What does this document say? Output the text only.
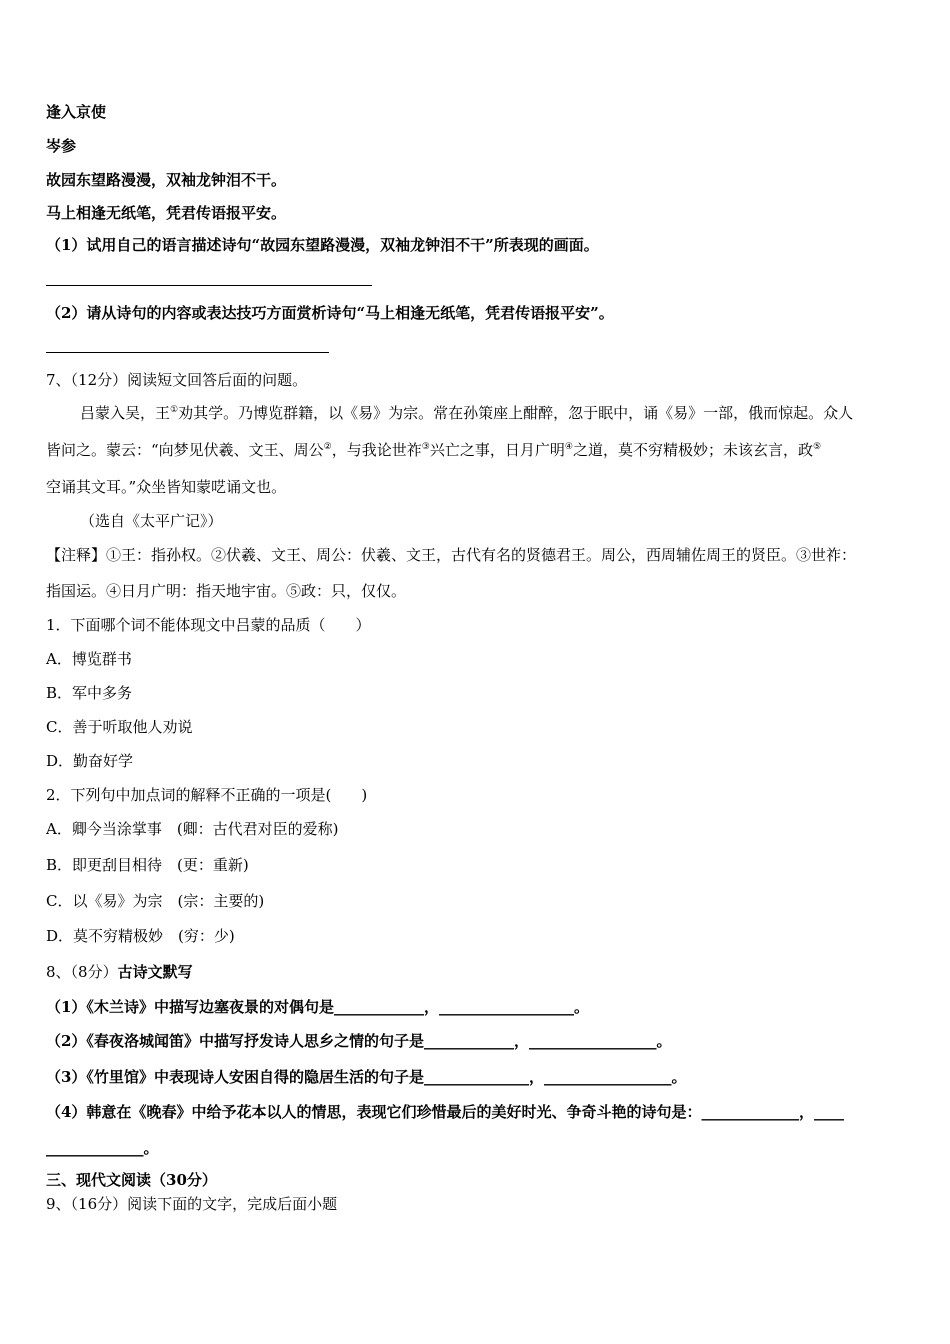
逢入京使
岑参
故园东望路漫漫，双袖龙钟泪不干。
马上相逢无纸笔，凭君传语报平安。
（1）试用自己的语言描述诗句“故园东望路漫漫，双袖龙钟泪不干”所表现的画面。
（2）请从诗句的内容或表达技巧方面赏析诗句“马上相逢无纸笔，凭君传语报平安”。
7、（12分）阅读短文回答后面的问题。
吕蒙入吴，王①劝其学。乃博览群籍，以《易》为宗。常在孙策座上酣醉，忽于眠中，诵《易》一部，俄而惊起。众人
皆问之。蒙云：“向梦见伏羲、文王、周公②，与我论世祚③兴亡之事，日月广明④之道，莫不穷精极妙；未该玄言，政⑤
空诵其文耳。”众坐皆知蒙呓诵文也。
（选自《太平广记》）
【注释】①王：指孙权。②伏羲、文王、周公：伏羲、文王，古代有名的贤德君王。周公，西周辅佐周王的贤臣。③世祚：
指国运。④日月广明：指天地宇宙。⑤政：只，仅仅。
1．下面哪个词不能体现文中吕蒙的品质（　　）
A．博览群书
B．军中多务
C．善于听取他人劝说
D．勤奋好学
2．下列句中加点词的解释不正确的一项是(　　)
A．卿今当涂掌事　(卿：古代君对臣的爱称)
B．即更刮目相待　(更：重新)
C．以《易》为宗　(宗：主要的)
D．莫不穷精极妙　(穷：少)
8、（8分）古诗文默写
（1）《木兰诗》中描写边塞夜景的对偶句是____________，__________________。
（2）《春夜洛城闻笛》中描写抒发诗人思乡之情的句子是____________，_________________。
（3）《竹里馆》中表现诗人安困自得的隐居生活的句子是______________，_________________。
（4）韩意在《晚春》中给予花本以人的情思，表现它们珍惜最后的美好时光、争奇斗艳的诗句是：_____________，____
_____________。
三、现代文阅读（30分）
9、（16分）阅读下面的文字，完成后面小题
